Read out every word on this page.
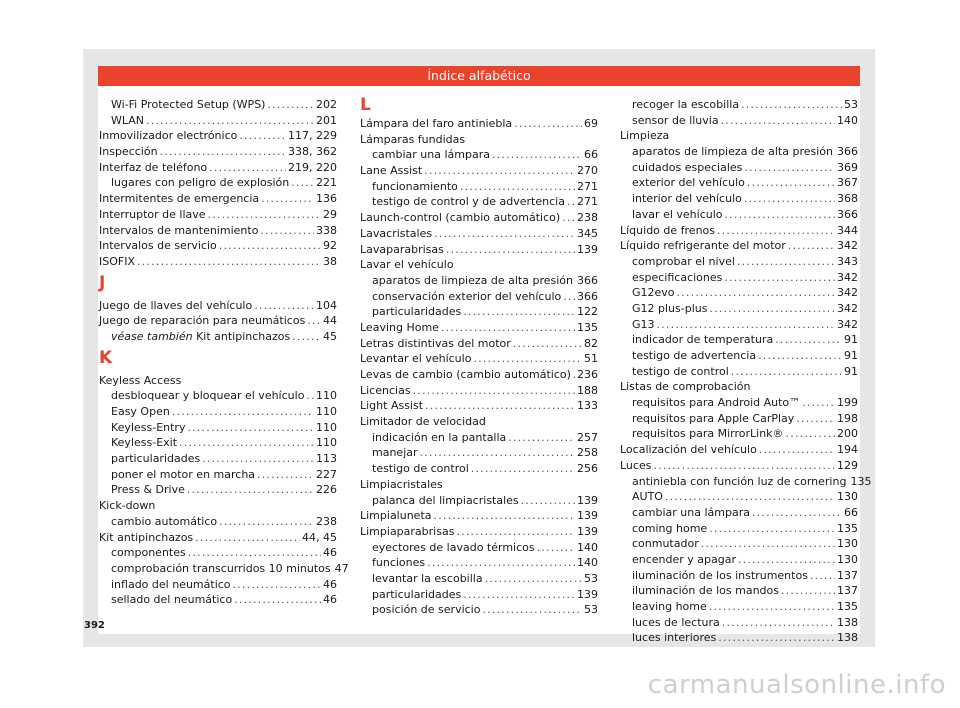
Índice alfabético
Wi-Fi Protected Setup (WPS) .....	202
WLAN .....	201
Inmovilizador electrónico .....	117, 229
Inspección .....	338, 362
Interfaz de teléfono .....	219, 220
lugares con peligro de explosión ..... 221
Intermitentes de emergencia .....	136
Interruptor de llave .....	29
Intervalos de mantenimiento .....	338
Intervalos de servicio .....	92
ISOFIX .....	38
J
Juego de llaves del vehículo .....	104
Juego de reparación para neumáticos ..... 44
véase también Kit antipinchazos .....	45
K
Keyless Access
desbloquear y bloquear el vehículo ..... 110
Easy Open .....	110
Keyless-Entry .....	110
Keyless-Exit .....	110
particularidades .....	113
poner el motor en marcha .....	227
Press & Drive .....	226
Kick-down
cambio automático .....	238
Kit antipinchazos .....	44, 45
componentes .....	46
comprobación transcurridos 10 minutos 47
inflado del neumático .....	46
sellado del neumático .....	46
L
Lámpara del faro antiniebla .....	69
Lámparas fundidas
cambiar una lámpara .....	66
Lane Assist .....	270
funcionamiento .....	271
testigo de control y de advertencia ..... 271
Launch-control (cambio automático) ..... 238
Lavacristales .....	345
Lavaparabrisas .....	139
Lavar el vehículo
aparatos de limpieza de alta presión 366
conservación exterior del vehículo ..... 366
particularidades .....	122
Leaving Home .....	135
Letras distintivas del motor .....	82
Levantar el vehículo .....	51
Levas de cambio (cambio automático) ..... 236
Licencias .....	188
Light Assist .....	133
Limitador de velocidad
indicación en la pantalla .....	257
manejar .....	258
testigo de control .....	256
Limpiacristales
palanca del limpiacristales .....	139
Limpialuneta .....	139
Limpiaparabrisas .....	139
eyectores de lavado térmicos .....	140
funciones .....	140
levantar la escobilla .....	53
particularidades .....	139
posición de servicio .....	53
recoger la escobilla .....	53
sensor de lluvia .....	140
Limpieza
aparatos de limpieza de alta presión 366
cuidados especiales .....	369
exterior del vehículo .....	367
interior del vehículo .....	368
lavar el vehículo .....	366
Líquido de frenos .....	344
Líquido refrigerante del motor .....	342
comprobar el nivel .....	343
especificaciones .....	342
G12evo .....	342
G12 plus-plus .....	342
G13 .....	342
indicador de temperatura .....	91
testigo de advertencia .....	91
testigo de control .....	91
Listas de comprobación
requisitos para Android Auto™ .....	199
requisitos para Apple CarPlay .....	198
requisitos para MirrorLink® .....	200
Localización del vehículo .....	194
Luces .....	129
antiniebla con función luz de cornering 135
AUTO .....	130
cambiar una lámpara .....	66
coming home .....	135
conmutador .....	130
encender y apagar .....	130
iluminación de los instrumentos .....	137
iluminación de los mandos .....	137
leaving home .....	135
luces de lectura .....	138
luces interiores .....	138
392
carmanualsonline.info
